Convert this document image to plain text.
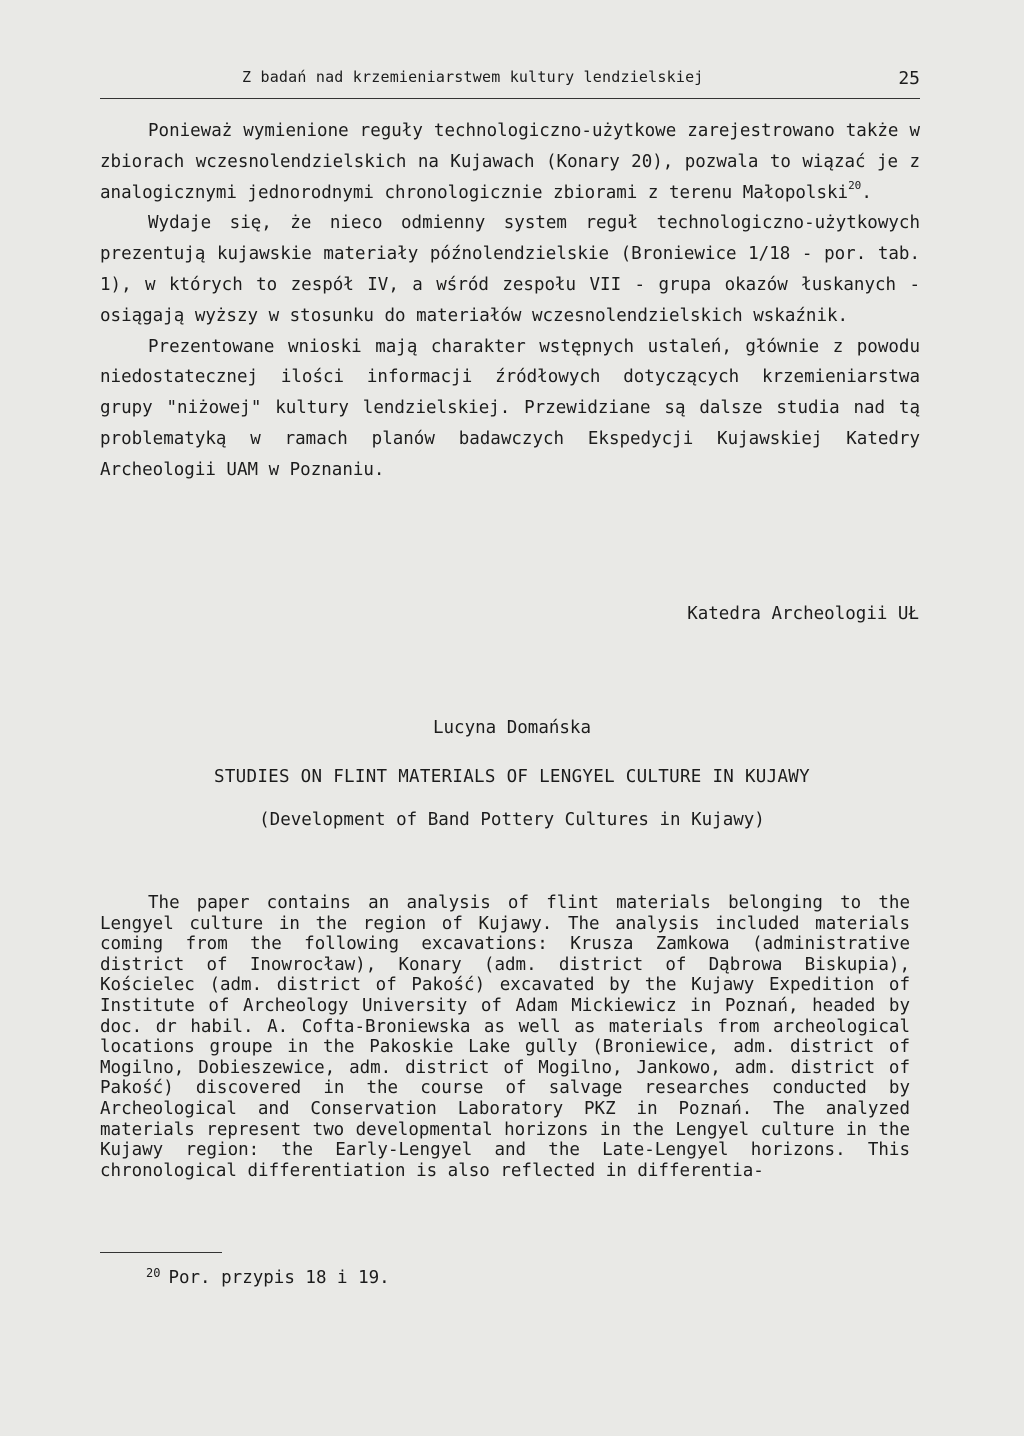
Z badań nad krzemieniarstwem kultury lendzielskiej	25

Ponieważ wymienione reguły technologiczno-użytkowe zarejestrowano także w zbiorach wczesnolendzielskich na Kujawach (Konary 20), pozwala to wiązać je z analogicznymi jednorodnymi chronologicznie zbiorami z terenu Małopolski$^{20}$.

Wydaje się, że nieco odmienny system reguł technologiczno-użytkowych prezentują kujawskie materiały późnolendzielskie (Broniewice 1/18 - por. tab. 1), w których to zespół IV, a wśród zespołu VII - grupa okazów łuskanych - osiągają wyższy w stosunku do materiałów wczesnolendzielskich wskaźnik.

Prezentowane wnioski mają charakter wstępnych ustaleń, głównie z powodu niedostatecznej ilości informacji źródłowych dotyczących krzemieniarstwa grupy "niżowej" kultury lendzielskiej. Przewidziane są dalsze studia nad tą problematyką w ramach planów badawczych Ekspedycji Kujawskiej Katedry Archeologii UAM w Poznaniu.

Katedra Archeologii UŁ
Lucyna Domańska
STUDIES ON FLINT MATERIALS OF LENGYEL CULTURE IN KUJAWY
(Development of Band Pottery Cultures in Kujawy)

The paper contains an analysis of flint materials belonging to the Lengyel culture in the region of Kujawy. The analysis included materials coming from the following excavations: Krusza Zamkowa (administrative district of Inowrocław), Konary (adm. district of Dąbrowa Biskupia), Kościelec (adm. district of Pakość) excavated by the Kujawy Expedition of Institute of Archeology University of Adam Mickiewicz in Poznań, headed by doc. dr habil. A. Cofta-Broniewska as well as materials from archeological locations groupe in the Pakoskie Lake gully (Broniewice, adm. district of Mogilno, Dobieszewice, adm. district of Mogilno, Jankowo, adm. district of Pakość) discovered in the course of salvage researches conducted by Archeological and Conservation Laboratory PKZ in Poznań. The analyzed materials represent two developmental horizons in the Lengyel culture in the Kujawy region: the Early-Lengyel and the Late-Lengyel horizons. This chronological differentiation is also reflected in differentia-

$^{20}$ Por. przypis 18 i 19.
